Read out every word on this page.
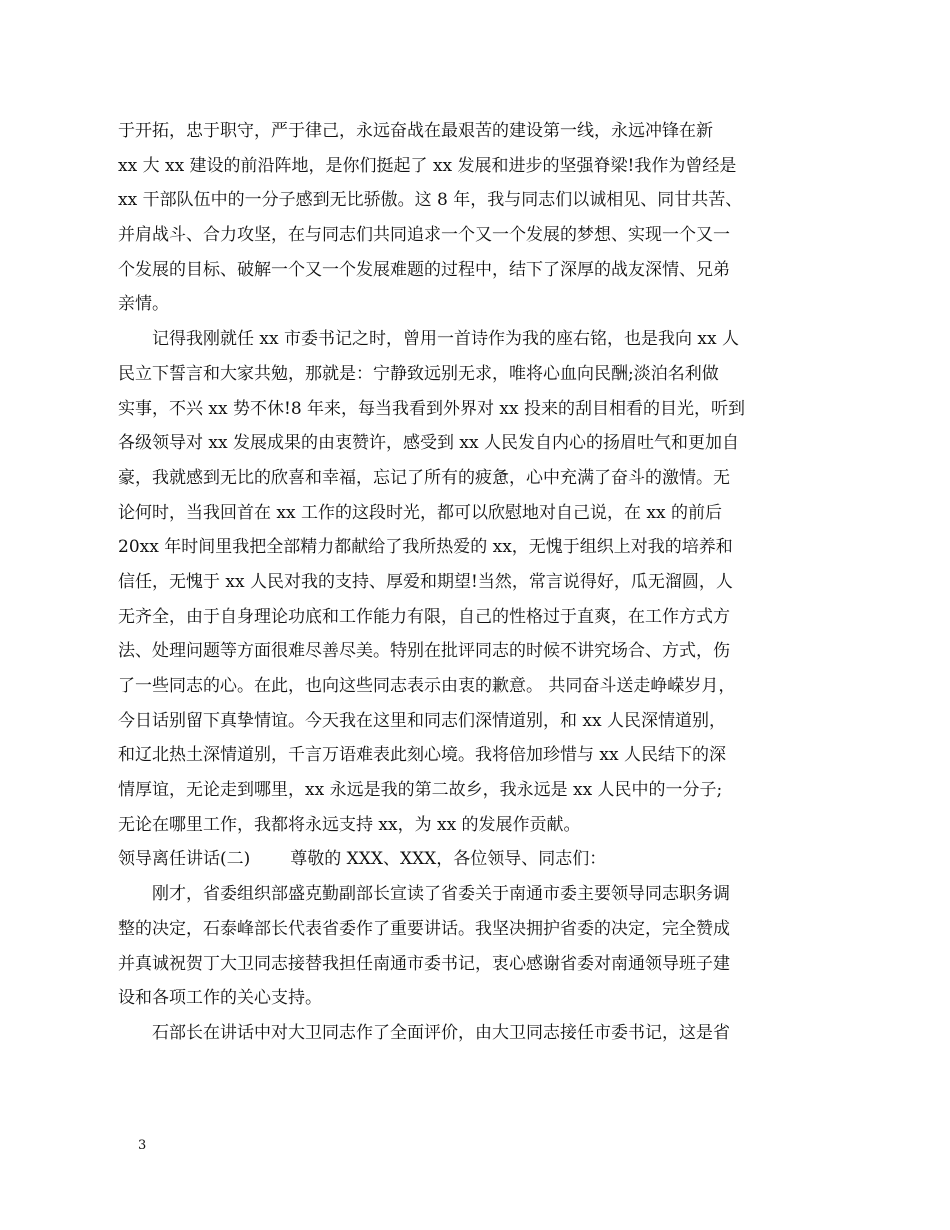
于开拓，忠于职守，严于律己，永远奋战在最艰苦的建设第一线，永远冲锋在新
xx 大 xx 建设的前沿阵地，是你们挺起了 xx 发展和进步的坚强脊梁!我作为曾经是
xx 干部队伍中的一分子感到无比骄傲。这 8 年，我与同志们以诚相见、同甘共苦、
并肩战斗、合力攻坚，在与同志们共同追求一个又一个发展的梦想、实现一个又一
个发展的目标、破解一个又一个发展难题的过程中，结下了深厚的战友深情、兄弟
亲情。
记得我刚就任 xx 市委书记之时，曾用一首诗作为我的座右铭，也是我向 xx 人
民立下誓言和大家共勉，那就是：宁静致远别无求，唯将心血向民酬;淡泊名利做
实事，不兴 xx 势不休!8 年来，每当我看到外界对 xx 投来的刮目相看的目光，听到
各级领导对 xx 发展成果的由衷赞许，感受到 xx 人民发自内心的扬眉吐气和更加自
豪，我就感到无比的欣喜和幸福，忘记了所有的疲惫，心中充满了奋斗的激情。无
论何时，当我回首在 xx 工作的这段时光，都可以欣慰地对自己说，在 xx 的前后
20xx 年时间里我把全部精力都献给了我所热爱的 xx，无愧于组织上对我的培养和
信任，无愧于 xx 人民对我的支持、厚爱和期望!当然，常言说得好，瓜无溜圆，人
无齐全，由于自身理论功底和工作能力有限，自己的性格过于直爽，在工作方式方
法、处理问题等方面很难尽善尽美。特别在批评同志的时候不讲究场合、方式，伤
了一些同志的心。在此，也向这些同志表示由衷的歉意。 共同奋斗送走峥嵘岁月，
今日话别留下真挚情谊。今天我在这里和同志们深情道别，和 xx 人民深情道别，
和辽北热土深情道别，千言万语难表此刻心境。我将倍加珍惜与 xx 人民结下的深
情厚谊，无论走到哪里，xx 永远是我的第二故乡，我永远是 xx 人民中的一分子;
无论在哪里工作，我都将永远支持 xx，为 xx 的发展作贡献。
领导离任讲话(二) 尊敬的 XXX、XXX，各位领导、同志们：
刚才，省委组织部盛克勤副部长宣读了省委关于南通市委主要领导同志职务调
整的决定，石泰峰部长代表省委作了重要讲话。我坚决拥护省委的决定，完全赞成
并真诚祝贺丁大卫同志接替我担任南通市委书记，衷心感谢省委对南通领导班子建
设和各项工作的关心支持。
石部长在讲话中对大卫同志作了全面评价，由大卫同志接任市委书记，这是省
3
